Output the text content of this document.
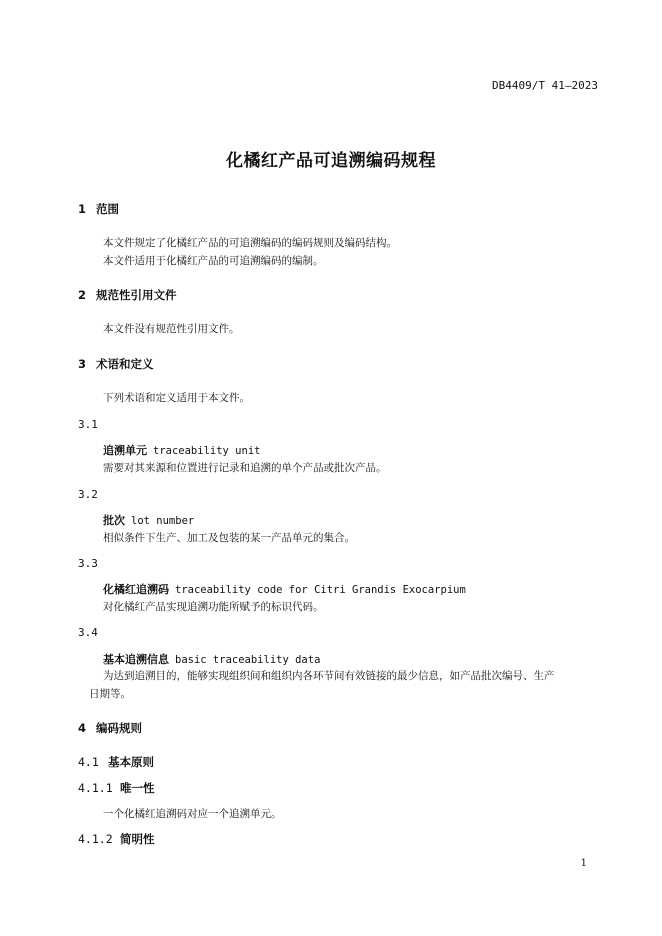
DB4409/T 41—2023
化橘红产品可追溯编码规程
1 范围
本文件规定了化橘红产品的可追溯编码的编码规则及编码结构。
本文件适用于化橘红产品的可追溯编码的编制。
2 规范性引用文件
本文件没有规范性引用文件。
3 术语和定义
下列术语和定义适用于本文件。
3.1
追溯单元 traceability unit
需要对其来源和位置进行记录和追溯的单个产品或批次产品。
3.2
批次 lot number
相似条件下生产、加工及包装的某一产品单元的集合。
3.3
化橘红追溯码 traceability code for Citri Grandis Exocarpium
对化橘红产品实现追溯功能所赋予的标识代码。
3.4
基本追溯信息 basic traceability data
为达到追溯目的，能够实现组织间和组织内各环节间有效链接的最少信息，如产品批次编号、生产
日期等。
4 编码规则
4.1 基本原则
4.1.1 唯一性
一个化橘红追溯码对应一个追溯单元。
4.1.2 简明性
1
